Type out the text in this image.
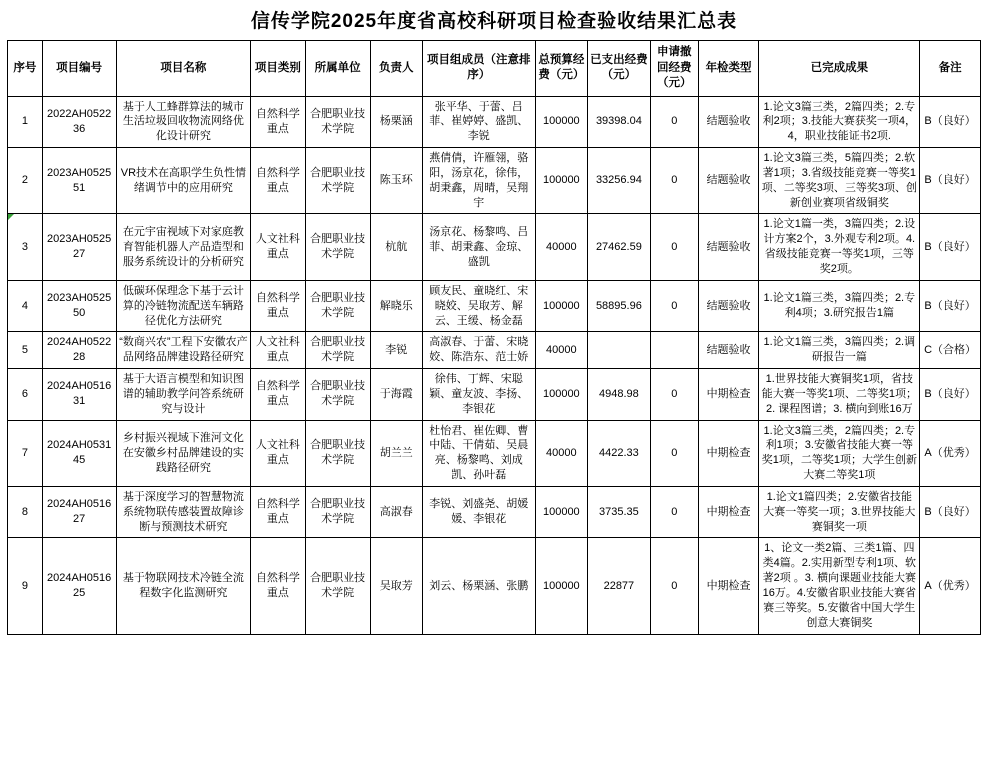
信传学院2025年度省高校科研项目检查验收结果汇总表
序号	项目编号	项目名称	项目类别	所属单位	负责人	项目组成员（注意排序）	总预算经费（元）	已支出经费（元）	申请撤回经费（元）	年检类型	已完成成果	备注
1	2022AH052236	基于人工蜂群算法的城市生活垃圾回收物流网络优化设计研究	自然科学重点	合肥职业技术学院	杨栗涵	张平华、于蕾、吕菲、崔婷婷、盛凯、李锐	100000	39398.04	0	结题验收	1.论文3篇三类，2篇四类；2.专利2项；3.技能大赛获奖一项4，4，职业技能证书2项.	B（良好）
2	2023AH052551	VR技术在高职学生负性情绪调节中的应用研究	自然科学重点	合肥职业技术学院	陈玉环	燕倩倩，许雁翎，骆阳，汤京花，徐伟，胡秉鑫，周晴，吴翔宇	100000	33256.94	0	结题验收	1.论文3篇三类，5篇四类；2.软著1项；3.省级技能竞赛一等奖1项、二等奖3项、三等奖3项、创新创业赛项省级铜奖	B（良好）
3	2023AH052527	在元宇宙视域下对家庭教育智能机器人产品造型和服务系统设计的分析研究	人文社科重点	合肥职业技术学院	杭航	汤京花、杨黎鸣、吕菲、胡秉鑫、金琼、盛凯	40000	27462.59	0	结题验收	1.论文1篇一类，3篇四类；2.设计方案2个，3.外观专利2项。4.省级技能竞赛一等奖1项，三等奖2项。	B（良好）
4	2023AH052550	低碳环保理念下基于云计算的冷链物流配送车辆路径优化方法研究	自然科学重点	合肥职业技术学院	解晓乐	顾友民、童晓红、宋晓姣、吴取芳、解云、王缓、杨金磊	100000	58895.96	0	结题验收	1.论文1篇三类，3篇四类；2.专利4项；3.研究报告1篇	B（良好）
5	2024AH052228	“数商兴农”工程下安徽农产品网络品牌建设路径研究	人文社科重点	合肥职业技术学院	李锐	高淑春、于蕾、宋晓姣、陈浩东、范士娇	40000			结题验收	1.论文1篇三类，3篇四类；2.调研报告一篇	C（合格）
6	2024AH051631	基于大语言模型和知识图谱的辅助教学问答系统研究与设计	自然科学重点	合肥职业技术学院	于海霞	徐伟、丁辉、宋聪颖、童友波、李扬、李银花	100000	4948.98	0	中期检查	1.世界技能大赛铜奖1项，省技能大赛一等奖1项、二等奖1项；2. 课程图谱；3. 横向到账16万	B（良好）
7	2024AH053145	乡村振兴视域下淮河文化在安徽乡村品牌建设的实践路径研究	人文社科重点	合肥职业技术学院	胡兰兰	杜怡君、崔佐卿、曹中陆、干倩茹、吴晨亮、杨黎鸣、刘成凯、孙叶磊	40000	4422.33	0	中期检查	1.论文3篇三类，2篇四类；2.专利1项；3.安徽省技能大赛一等奖1项，二等奖1项；大学生创新大赛二等奖1项	A（优秀）
8	2024AH051627	基于深度学习的智慧物流系统物联传感装置故障诊断与预测技术研究	自然科学重点	合肥职业技术学院	高淑春	李锐、刘盛尧、胡媛媛、李银花	100000	3735.35	0	中期检查	1.论文1篇四类；2.安徽省技能大赛一等奖一项；3.世界技能大赛铜奖一项	B（良好）
9	2024AH051625	基于物联网技术冷链全流程数字化监测研究	自然科学重点	合肥职业技术学院	吴取芳	刘云、杨栗涵、张鹏	100000	22877	0	中期检查	1、论文一类2篇、三类1篇、四类4篇。2.实用新型专利1项、软著2项 。3. 横向课题业技能大赛16万。4.安徽省职业技能大赛省赛三等奖。5.安徽省中国大学生创意大赛铜奖	A（优秀）
